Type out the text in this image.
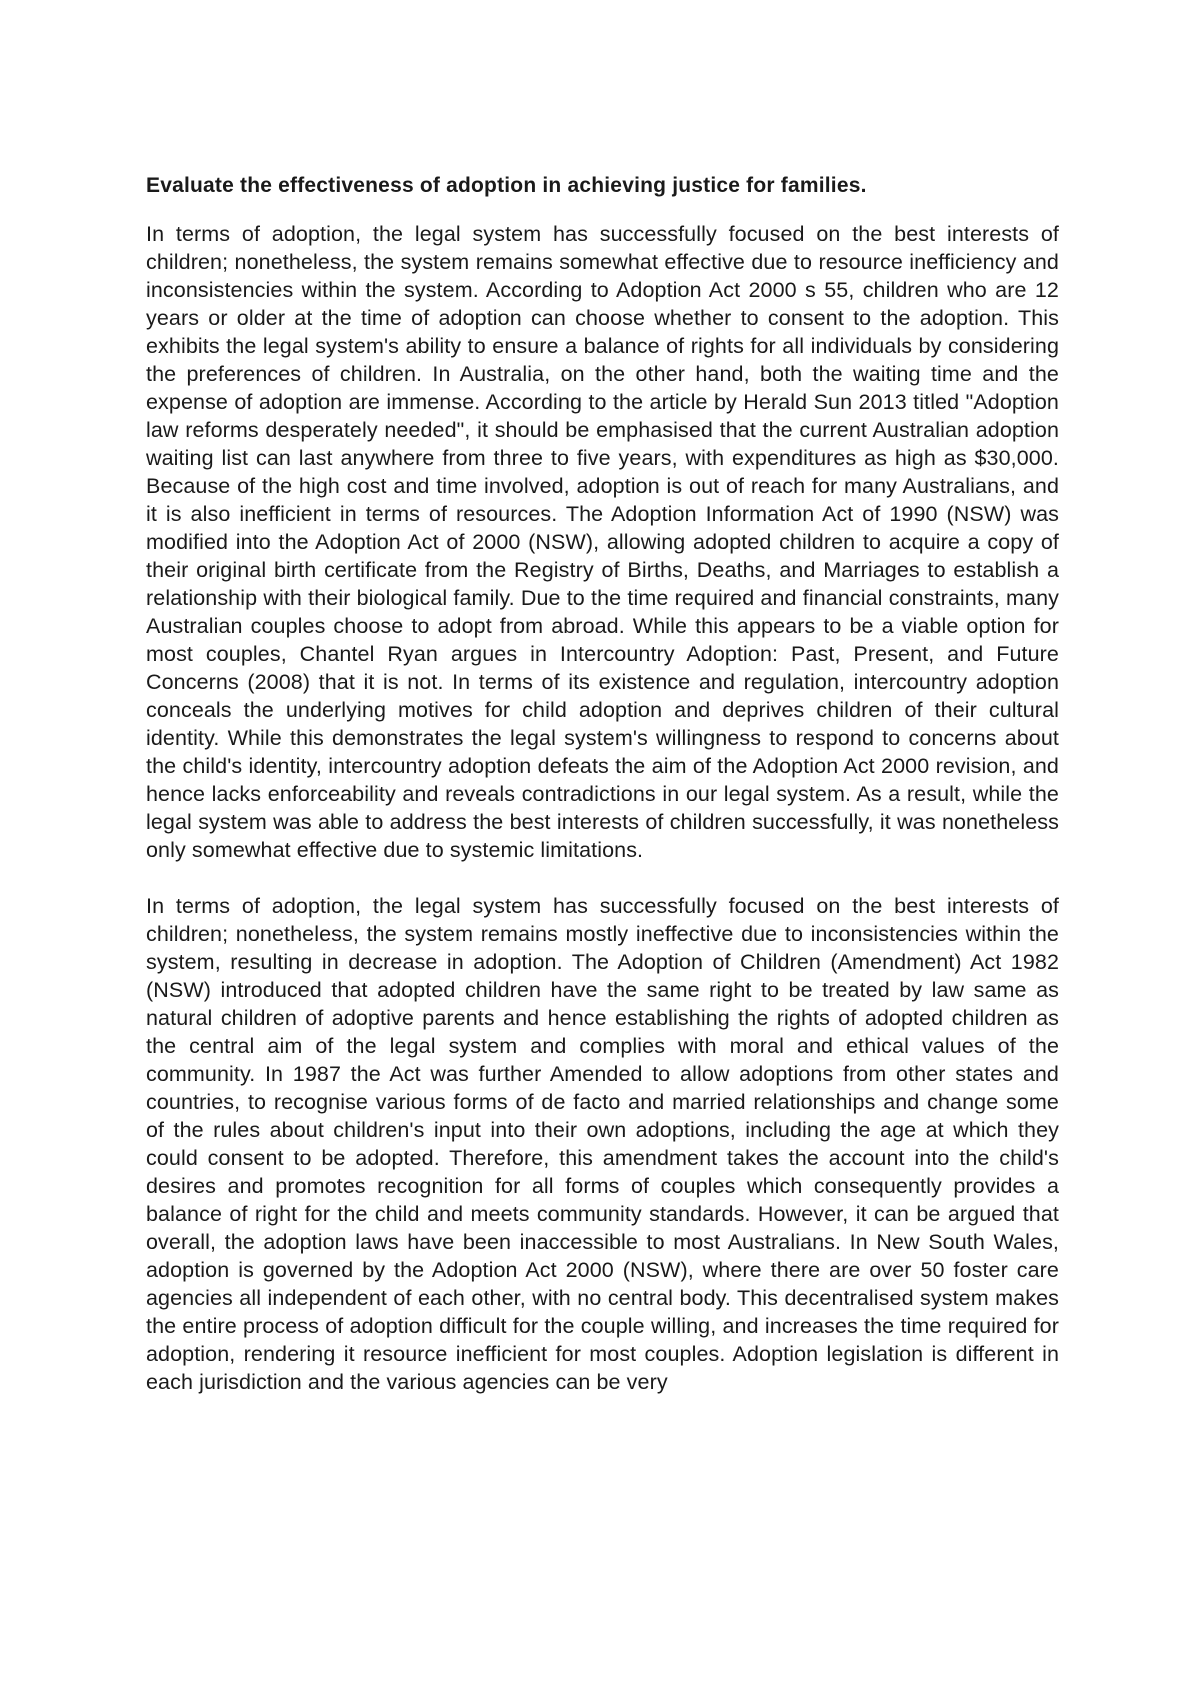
Evaluate the effectiveness of adoption in achieving justice for families.

In terms of adoption, the legal system has successfully focused on the best interests of children; nonetheless, the system remains somewhat effective due to resource inefficiency and inconsistencies within the system. According to Adoption Act 2000 s 55, children who are 12 years or older at the time of adoption can choose whether to consent to the adoption. This exhibits the legal system's ability to ensure a balance of rights for all individuals by considering the preferences of children. In Australia, on the other hand, both the waiting time and the expense of adoption are immense. According to the article by Herald Sun 2013 titled "Adoption law reforms desperately needed", it should be emphasised that the current Australian adoption waiting list can last anywhere from three to five years, with expenditures as high as $30,000. Because of the high cost and time involved, adoption is out of reach for many Australians, and it is also inefficient in terms of resources. The Adoption Information Act of 1990 (NSW) was modified into the Adoption Act of 2000 (NSW), allowing adopted children to acquire a copy of their original birth certificate from the Registry of Births, Deaths, and Marriages to establish a relationship with their biological family. Due to the time required and financial constraints, many Australian couples choose to adopt from abroad. While this appears to be a viable option for most couples, Chantel Ryan argues in Intercountry Adoption: Past, Present, and Future Concerns (2008) that it is not. In terms of its existence and regulation, intercountry adoption conceals the underlying motives for child adoption and deprives children of their cultural identity. While this demonstrates the legal system's willingness to respond to concerns about the child's identity, intercountry adoption defeats the aim of the Adoption Act 2000 revision, and hence lacks enforceability and reveals contradictions in our legal system. As a result, while the legal system was able to address the best interests of children successfully, it was nonetheless only somewhat effective due to systemic limitations.

In terms of adoption, the legal system has successfully focused on the best interests of children; nonetheless, the system remains mostly ineffective due to inconsistencies within the system, resulting in decrease in adoption. The Adoption of Children (Amendment) Act 1982 (NSW) introduced that adopted children have the same right to be treated by law same as natural children of adoptive parents and hence establishing the rights of adopted children as the central aim of the legal system and complies with moral and ethical values of the community. In 1987 the Act was further Amended to allow adoptions from other states and countries, to recognise various forms of de facto and married relationships and change some of the rules about children's input into their own adoptions, including the age at which they could consent to be adopted. Therefore, this amendment takes the account into the child's desires and promotes recognition for all forms of couples which consequently provides a balance of right for the child and meets community standards. However, it can be argued that overall, the adoption laws have been inaccessible to most Australians. In New South Wales, adoption is governed by the Adoption Act 2000 (NSW), where there are over 50 foster care agencies all independent of each other, with no central body. This decentralised system makes the entire process of adoption difficult for the couple willing, and increases the time required for adoption, rendering it resource inefficient for most couples. Adoption legislation is different in each jurisdiction and the various agencies can be very
